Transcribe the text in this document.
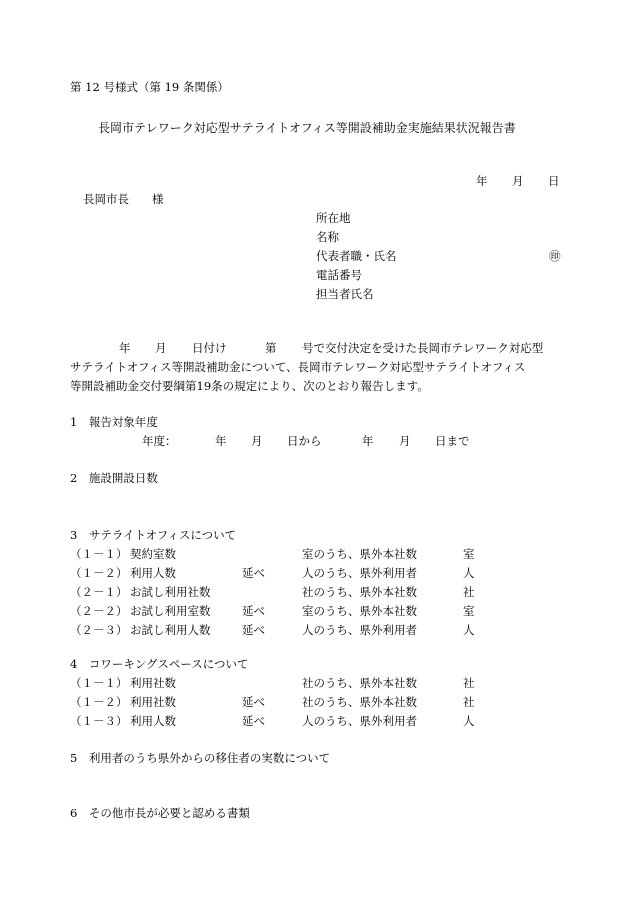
第 12 号様式（第 19 条関係）
長岡市テレワーク対応型サテライトオフィス等開設補助金実施結果状況報告書
年 月 日
長岡市長　　様
所在地
名称
代表者職・氏名	㊞
電話番号
担当者氏名
年 月 日付け	第 号で交付決定を受けた長岡市テレワーク対応型
サテライトオフィス等開設補助金について、長岡市テレワーク対応型サテライトオフィス
等開設補助金交付要綱第19条の規定により、次のとおり報告します。
1　報告対象年度
年度：	年 月 日から	年 月 日まで
2　施設開設日数
3　サテライトオフィスについて
（１－１） 契約室数	室のうち、県外本社数	室
（１－２） 利用人数	延べ	人のうち、県外利用者	人
（２－１） お試し利用社数	社のうち、県外本社数	社
（２－２） お試し利用室数	延べ	室のうち、県外本社数	室
（２－３） お試し利用人数	延べ	人のうち、県外利用者	人
4　コワーキングスペースについて
（１－１） 利用社数	社のうち、県外本社数	社
（１－２） 利用社数	延べ	社のうち、県外本社数	社
（１－３） 利用人数	延べ	人のうち、県外利用者	人
5　利用者のうち県外からの移住者の実数について
6　その他市長が必要と認める書類
